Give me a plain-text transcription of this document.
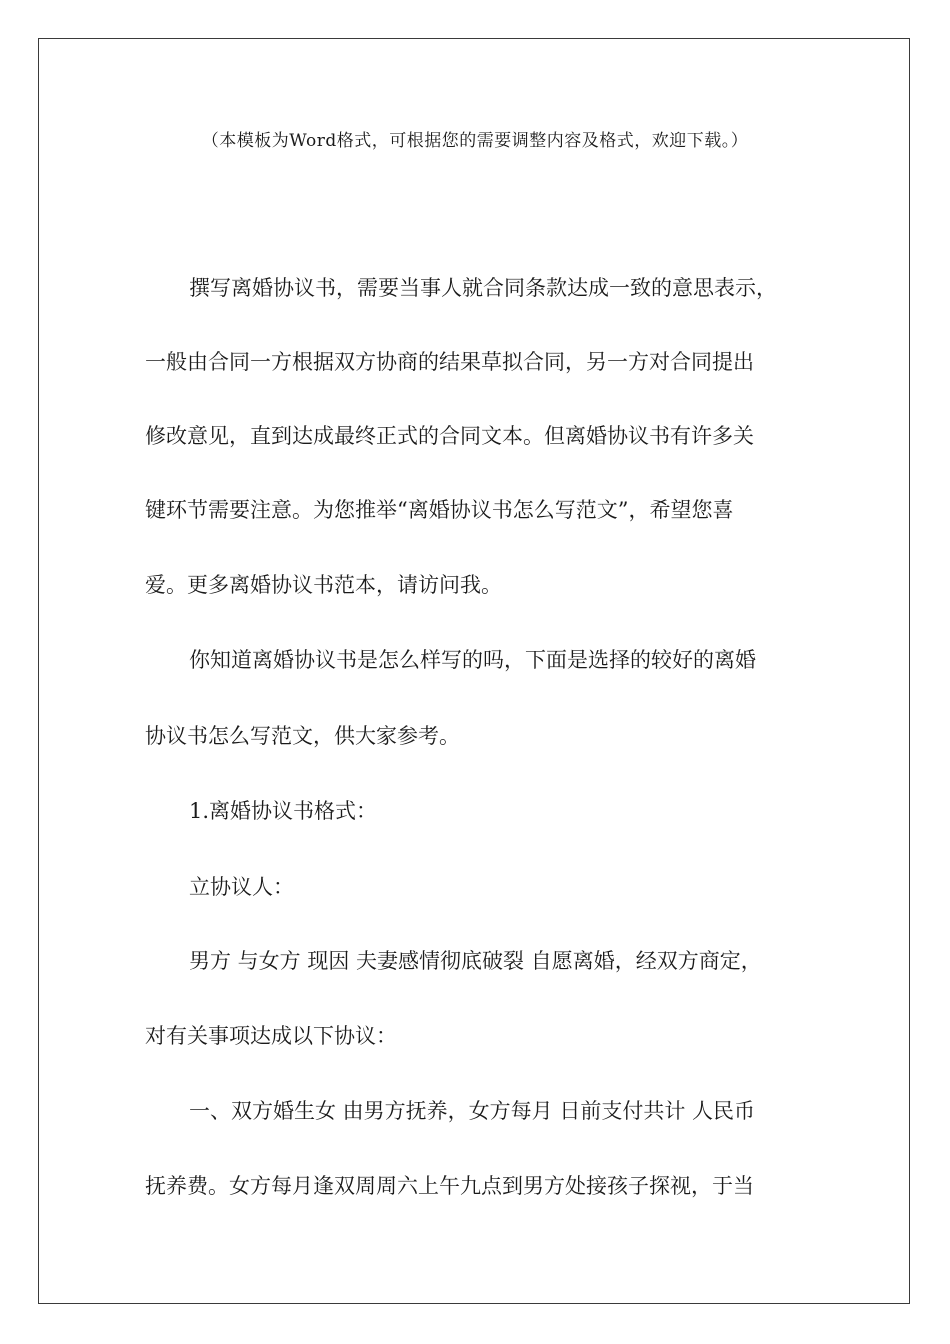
（本模板为Word格式，可根据您的需要调整内容及格式，欢迎下载。）
撰写离婚协议书，需要当事人就合同条款达成一致的意思表示，
一般由合同一方根据双方协商的结果草拟合同，另一方对合同提出
修改意见，直到达成最终正式的合同文本。但离婚协议书有许多关
键环节需要注意。为您推举“离婚协议书怎么写范文”，希望您喜
爱。更多离婚协议书范本，请访问我。
你知道离婚协议书是怎么样写的吗，下面是选择的较好的离婚
协议书怎么写范文，供大家参考。
1.离婚协议书格式：
立协议人：
男方 与女方 现因 夫妻感情彻底破裂 自愿离婚，经双方商定，
对有关事项达成以下协议：
一、双方婚生女 由男方抚养，女方每月 日前支付共计 人民币
抚养费。女方每月逢双周周六上午九点到男方处接孩子探视，于当
